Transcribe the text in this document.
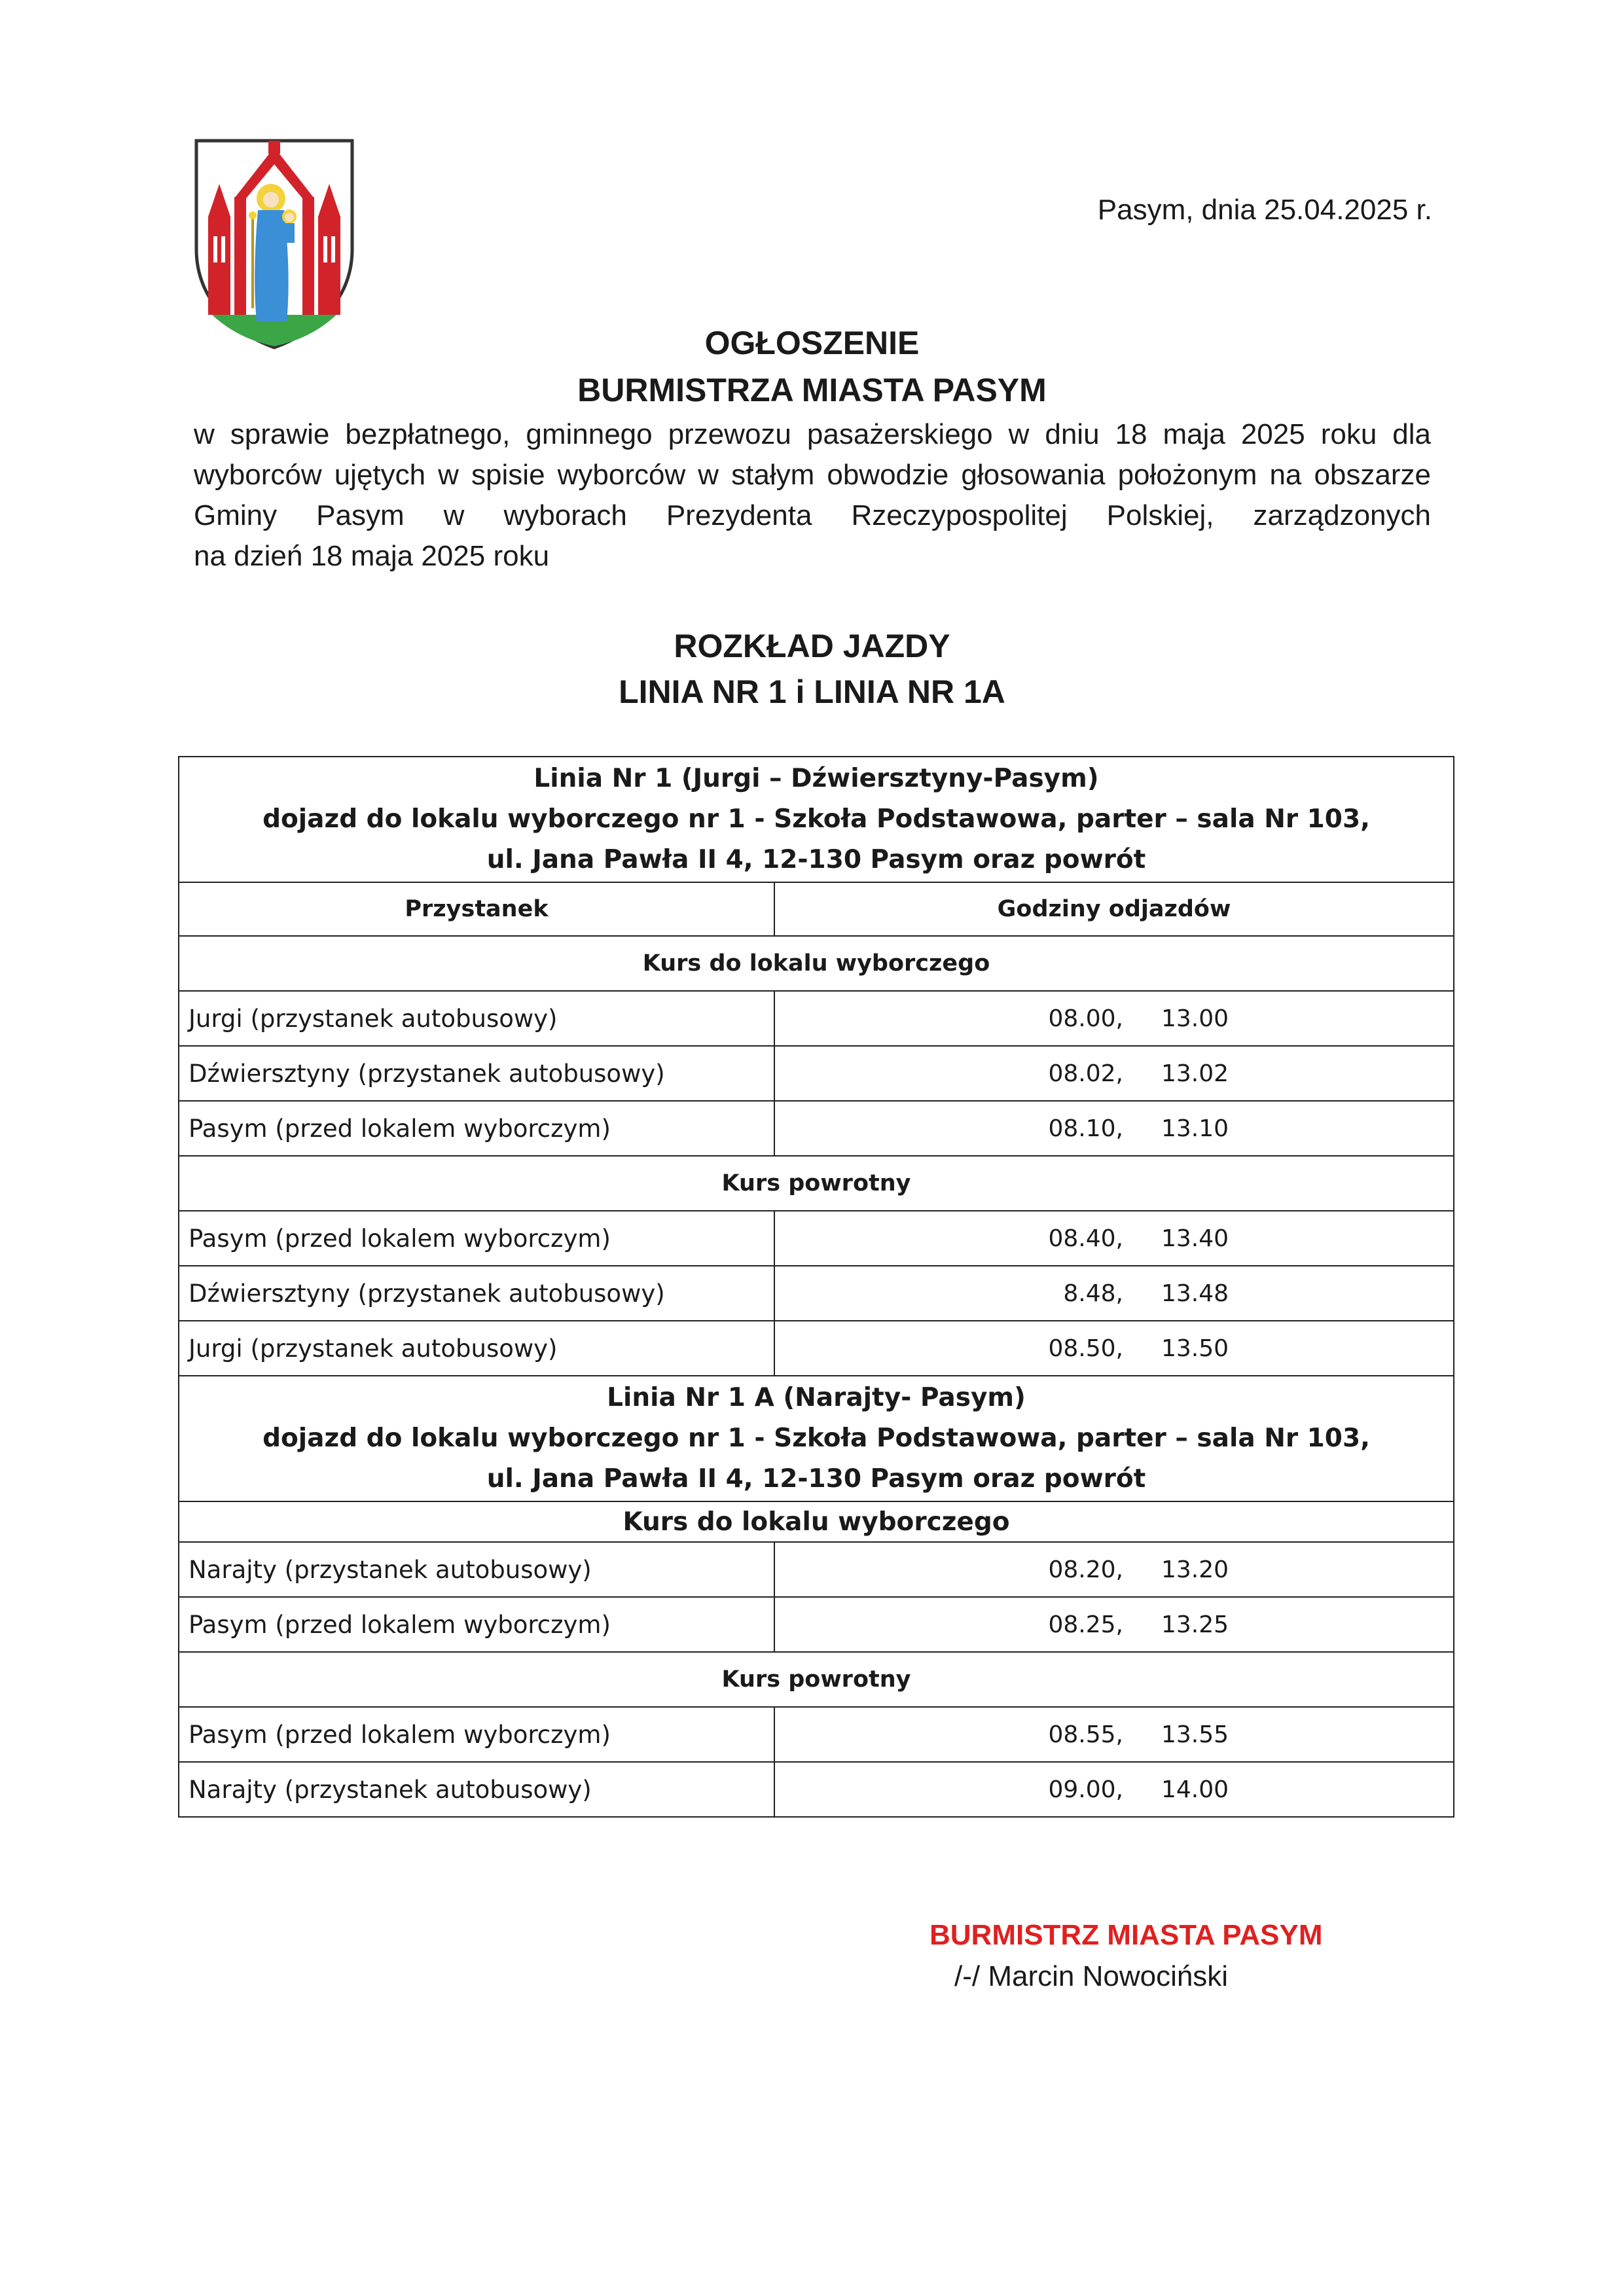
Pasym, dnia 25.04.2025 r.
OGŁOSZENIE
BURMISTRZA MIASTA PASYM
w sprawie bezpłatnego, gminnego przewozu pasażerskiego w dniu 18 maja 2025 roku dla wyborców ujętych w spisie wyborców w stałym obwodzie głosowania położonym na obszarze Gminy Pasym w wyborach Prezydenta Rzeczypospolitej Polskiej, zarządzonych
na dzień 18 maja 2025 roku
ROZKŁAD JAZDY
LINIA NR 1 i LINIA NR 1A
Linia Nr 1 (Jurgi – Dźwiersztyny-Pasym)
dojazd do lokalu wyborczego nr 1 - Szkoła Podstawowa, parter – sala Nr 103,
ul. Jana Pawła II 4, 12-130 Pasym oraz powrót	

Przystanek	Godziny odjazdów
Kurs do lokalu wyborczego	
Jurgi (przystanek autobusowy)	08.00, 13.00
Dźwiersztyny (przystanek autobusowy)	08.02, 13.02
Pasym (przed lokalem wyborczym)	08.10, 13.10
Kurs powrotny	
Pasym (przed lokalem wyborczym)	08.40, 13.40
Dźwiersztyny (przystanek autobusowy)	8.48, 13.48
Jurgi (przystanek autobusowy)	08.50, 13.50

Linia Nr 1 A (Narajty- Pasym)
dojazd do lokalu wyborczego nr 1 - Szkoła Podstawowa, parter – sala Nr 103,
ul. Jana Pawła II 4, 12-130 Pasym oraz powrót	

Kurs do lokalu wyborczego	
Narajty (przystanek autobusowy)	08.20, 13.20
Pasym (przed lokalem wyborczym)	08.25, 13.25
Kurs powrotny	
Pasym (przed lokalem wyborczym)	08.55, 13.55
Narajty (przystanek autobusowy)	09.00, 14.00
BURMISTRZ MIASTA PASYM
/-/ Marcin Nowociński
